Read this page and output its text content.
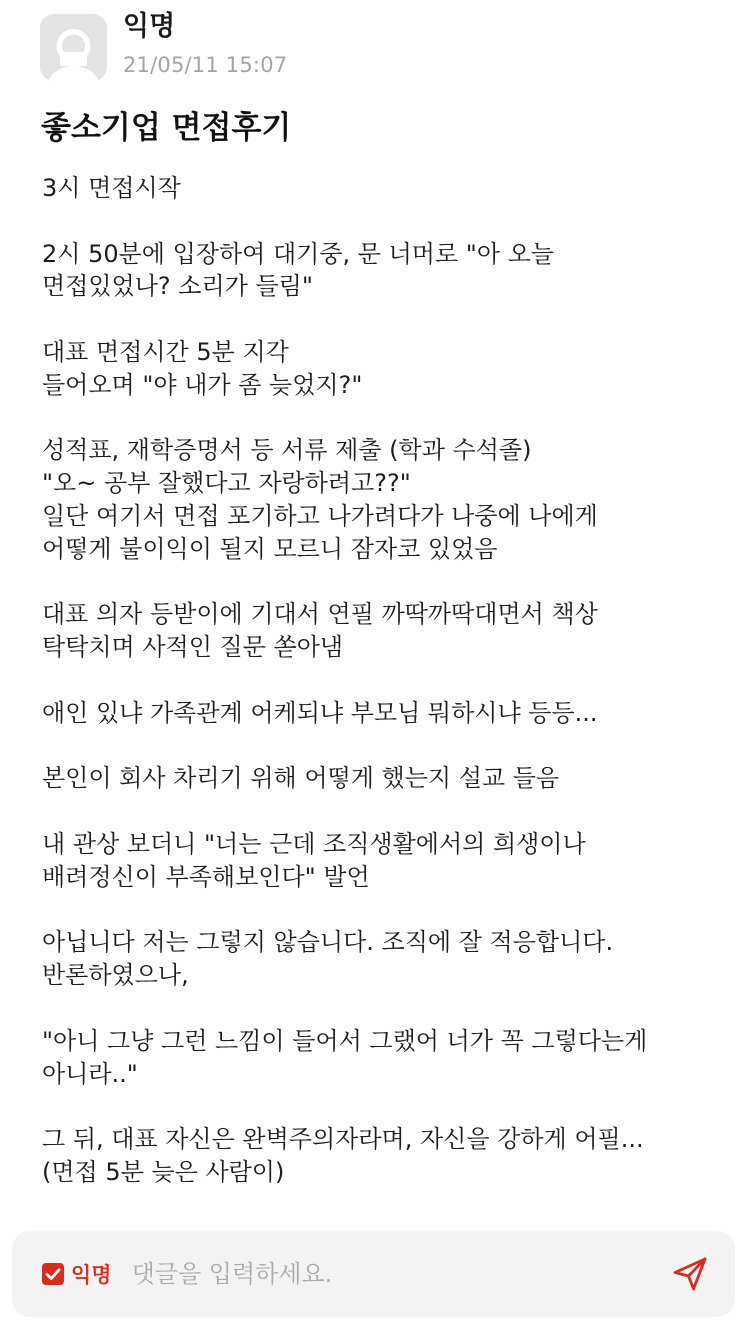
익명
21/05/11 15:07
좋소기업 면접후기
3시 면접시작
2시 50분에 입장하여 대기중, 문 너머로 "아 오늘
면접있었나? 소리가 들림"
대표 면접시간 5분 지각
들어오며 "야 내가 좀 늦었지?"
성적표, 재학증명서 등 서류 제출 (학과 수석졸)
"오~ 공부 잘했다고 자랑하려고??"
일단 여기서 면접 포기하고 나가려다가 나중에 나에게
어떻게 불이익이 될지 모르니 잠자코 있었음
대표 의자 등받이에 기대서 연필 까딱까딱대면서 책상
탁탁치며 사적인 질문 쏟아냄
애인 있냐 가족관계 어케되냐 부모님 뭐하시냐 등등...
본인이 회사 차리기 위해 어떻게 했는지 설교 들음
내 관상 보더니 "너는 근데 조직생활에서의 희생이나
배려정신이 부족해보인다" 발언
아닙니다 저는 그렇지 않습니다. 조직에 잘 적응합니다.
반론하였으나,
"아니 그냥 그런 느낌이 들어서 그랬어 너가 꼭 그렇다는게
아니라.."
그 뒤, 대표 자신은 완벽주의자라며, 자신을 강하게 어필...
(면접 5분 늦은 사람이)
익명
댓글을 입력하세요.
